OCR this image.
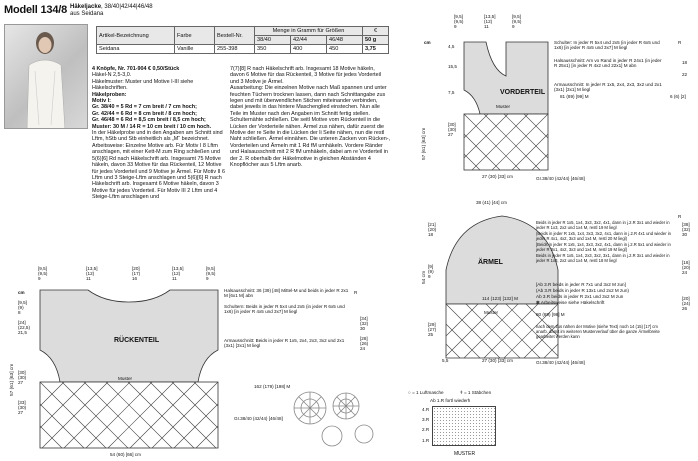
Modell 134/8 Häkeljacke, 38/40|42/44|46/48
aus Seidana
Artikel-Bezeichnung	Farbe	Bestell-Nr.	Menge in Gramm für Größen			€
			38/40	42/44	46/48	50 g
Seidana	Vanille	255-398	350	400	450	3,75

4 Knöpfe, Nr. 701-904 € 0,50/Stück

Häkel-N 2,5-3,0.

Häkelmuster: Muster und Motive I-III siehe Häkelschriften.

Häkelproben:

Motiv I:

Gr. 38/40 = 5 Rd = 7 cm breit / 7 cm hoch;

Gr. 42/44 = 6 Rd = 8 cm breit / 8 cm hoch;

Gr. 46/48 = 6 Rd = 8,5 cm breit / 8,5 cm hoch;

Muster: 30 M / 14 R = 10 cm breit / 10 cm hoch.

In der Häkelprobe und in den Angaben am Schnitt sind Lftm, hStb und Stb einheitlich als „M“ bezeichnet.

Arbeitsweise: Einzelne Motive arb. Für Motiv I 8 Lftm anschlagen, mit einer Kett-M zum Ring schließen und 5(6)[6] Rd nach Häkelschrift arb. Insgesamt 75 Motive häkeln, davon 33 Motive für das Rückenteil, 12 Motive für jedes Vorderteil und 9 Motive je Ärmel. Für Motiv II 6 Lftm und 3 Steige-Lftm anschlagen und 5(6)[6] R nach Häkelschrift arb. Insgesamt 6 Motive häkeln, davon 3 Motive für jedes Vorderteil. Für Motiv III 2 Lftm und 4 Steige-Lftm anschlagen und

7(7)[8] R nach Häkelschrift arb. Insgesamt 18 Motive häkeln, davon 6 Motive für das Rückenteil, 3 Motive für jedes Vorderteil und 3 Motive je Ärmel.

Ausarbeitung: Die einzelnen Motive nach Maß spannen und unter feuchten Tüchern trocknen lassen, dann nach Schnittangabe zus legen und mit überwendlichen Stichen miteinander verbinden, dabei jeweils in das hintere Maschenglied einstechen. Nun alle Teile im Muster nach den Angaben im Schnitt fertig stellen. Schulternähte schließen. Die seitl Motive vom Rückenteil in die Lücken der Vorderteile nähen. Ärmel zus nähen, dafür zuerst die Motive der re Seite in die Lücken der li Seite nähen, nun die restl Naht schließen. Ärmel einnähen. Die unteren Zacken von Rücken-, Vorderteilen und Ärmeln mit 1 Rd fM umhäkeln. Vordere Ränder und Halsausschnitt mit 2 R fM umhäkeln, dabei am re Vorderteil in der 2. R oberhalb der Häkelmotive in gleichen Abständen 4 Knopflöcher aus 5 Lftm anarb.

○ = 1 Luftmasche	ǂ = 1 Stäbchen
Ab 1.R fortl wiederh
4.R
3.R
2.R
1.R
MUSTER
cm
57 (61) [63] cm
[9,5]
(9,5)
9
[13,5]
(12)
11
[20]
(17)
16
[13,5]
(12)
11
[9,5]
(9,5)
9
Halsausschnitt: 36 (39) [48] Mittel-M und beids in jeder R 2x1 M [6x1 M] abn
Schultern: Beids in jeder R 5x4 und 2x5 (in jeder R 6x5 und 1x6) [in jeder R 4x5 und 3x7] M liegl
Armausschnitt: Beids in jeder R 1x5, 2x4, 2x3, 3x2 und 2x1 (3x1) [3x1] M liegl
R
[34]
(32)
30
[28]
(26)
24
[9,5]
(9)
8
[24]
(22,5)
21,5
[30]
(30)
27
[33]
(30)
27
RÜCKENTEIL
Muster
162 (179) [198] M
Gr.38/40 (42/44) [46/48]
54 (60) [66] cm
cm
57 (61) [63] cm
[9,5]
(9,5)
9
[13,5]
(12)
11
[9,5]
(9,5)
9
4,5
15,5
7,5
[30]
(30)
27
VORDERTEIL
Muster
Schulter: In jeder R 5x4 und 2x5 (in jeder R 6x5 und 1x6) [in jeder R 4x5 und 3x7] M liegl
Halsausschnitt: Am vo Rand in jeder R 24x1 (in jeder R 25x1) [in jeder R 4x2 und 22x1] M abn
Armausschnitt: In jeder R 1x5, 2x4, 2x3, 3x2 und 2x1 (3x1) [3x1] M liegl
R
18
22
6 (6) [2]
81 (89) [99] M
27 (30) [33] cm	Gr.38/40 (42/44) [46/48]
38 (41) [44] cm
54 cm
[21]
(20)
18
[9]
(9)
9
[29]
(27)
25
ÄRMEL
114 (123) [132] M
Muster
27 (30) [33] cm
5,5	Gr.38/40 (42/44) [46/48]
Beids in jeder R 1x5, 1x4, 3x3, 3x2, 4x1, dann in j.2.R 3x1 und wieder in jeder R 1x3, 2x2 und 1x4 M, restl 19 M liegl
(Beids in jeder R 1x5, 1x4, 3x3, 3x2, 4x1, dann in j.2.R 4x1 und wieder in jeder R 4x1, 4x2, 3x3 und 1x4 M, restl 20 M liegl)
[Beids in jeder R 1x5, 1x4, 3x3, 3x2, 4x1, dann in j.2.R 5x1 und wieder in jeder R 3x1, 4x2, 3x3 und 1x4 M, restl 19 M liegl]
Beids in jeder R 1x5, 1x4, 2x3, 3x2, 3x1, dann in j.2.R 3x1 und wieder in jeder R 1x3, 2x2 und 1x4 M, restl 18 M liegl
[Ab 3.R beids in jeder R 7x1 und 3x2 M zun]
(Ab 3.R beids in jeder R 13x1 und 2x2 M zun)
Ab 3.R beids in jeder R 2x1 und 3x2 M zun
✽ Arbeitsweise siehe Häkelschrift
80 (89) [98] M
nach dem zus nähen der Motive (siehe Text) noch 14 (15) [17] cm anarb. damit im weiteren Musterverlauf über die ganze Ärmelbreite gearbeitet werden kann
R
[38]
(32)
30
[16]
(20)
24
[20]
(24)
26
